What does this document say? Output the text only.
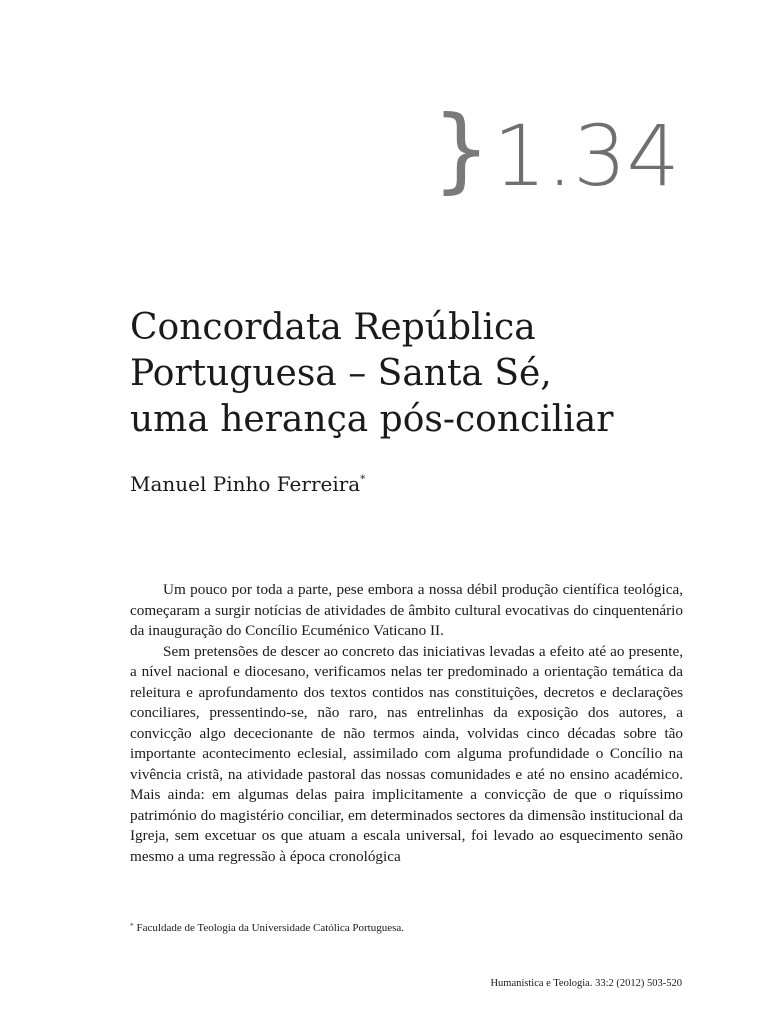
}1.34
Concordata República
Portuguesa – Santa Sé,
uma herança pós-conciliar
Manuel Pinho Ferreira*

Um pouco por toda a parte, pese embora a nossa débil produção científica teológica, começaram a surgir notícias de atividades de âmbito cultural evocativas do cinquentenário da inauguração do Concílio Ecuménico Vaticano II.

Sem pretensões de descer ao concreto das iniciativas levadas a efeito até ao presente, a nível nacional e diocesano, verificamos nelas ter predominado a orientação temática da releitura e aprofundamento dos textos contidos nas constituições, decretos e declarações conciliares, pressentindo-se, não raro, nas entrelinhas da exposição dos autores, a convicção algo dececionante de não termos ainda, volvidas cinco décadas sobre tão importante acontecimento eclesial, assimilado com alguma profundidade o Concílio na vivência cristã, na atividade pastoral das nossas comunidades e até no ensino académico. Mais ainda: em algumas delas paira implicitamente a convicção de que o riquíssimo património do magistério conciliar, em determinados sectores da dimensão institucional da Igreja, sem excetuar os que atuam a escala universal, foi levado ao esquecimento senão mesmo a uma regressão à época cronológica

* Faculdade de Teologia da Universidade Católica Portuguesa.
Humanística e Teologia. 33:2 (2012) 503-520
